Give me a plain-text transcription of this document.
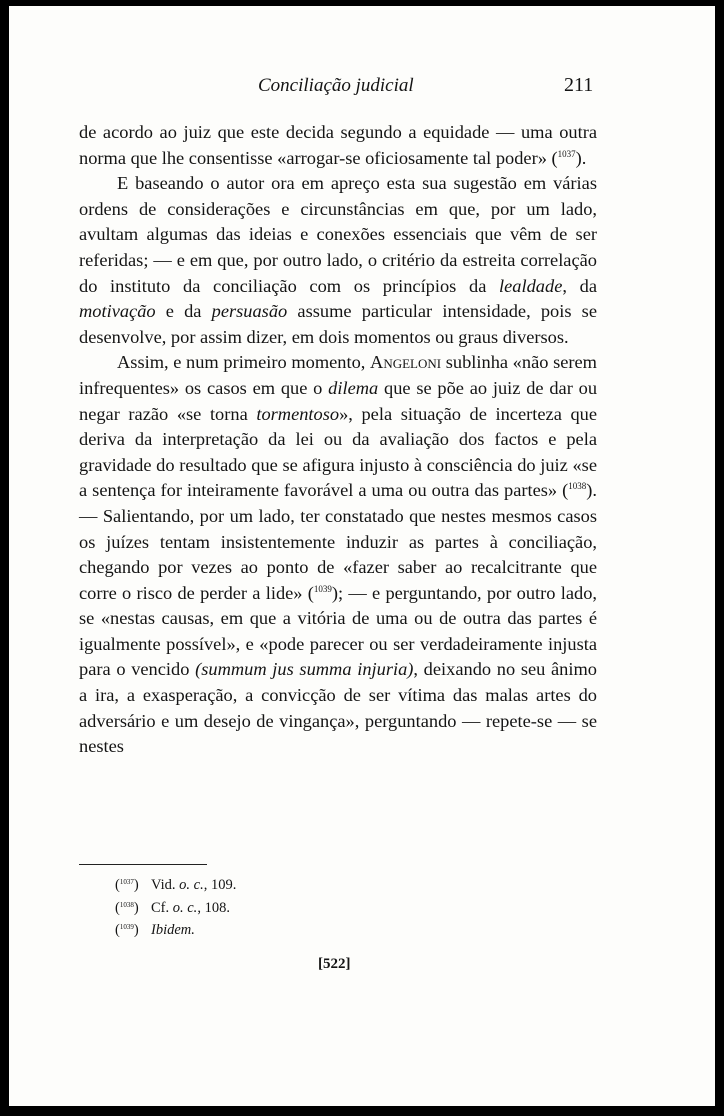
Conciliação judicial	211

de acordo ao juiz que este decida segundo a equidade — uma outra norma que lhe consentisse «arrogar-se oficiosamente tal poder» ($^{1037}$).

E baseando o autor ora em apreço esta sua sugestão em várias ordens de considerações e circunstâncias em que, por um lado, avultam algumas das ideias e conexões essenciais que vêm de ser referidas; — e em que, por outro lado, o critério da estreita correlação do instituto da conciliação com os princípios da lealdade, da motivação e da persuasão assume particular intensidade, pois se desenvolve, por assim dizer, em dois momentos ou graus diversos.

Assim, e num primeiro momento, Angeloni sublinha «não serem infrequentes» os casos em que o dilema que se põe ao juiz de dar ou negar razão «se torna tormentoso», pela situação de incerteza que deriva da interpretação da lei ou da avaliação dos factos e pela gravidade do resultado que se afigura injusto à consciência do juiz «se a sentença for inteiramente favorável a uma ou outra das partes» ($^{1038}$). — Salientando, por um lado, ter constatado que nestes mesmos casos os juízes tentam insistentemente induzir as partes à conciliação, chegando por vezes ao ponto de «fazer saber ao recalcitrante que corre o risco de perder a lide» ($^{1039}$); — e perguntando, por outro lado, se «nestas causas, em que a vitória de uma ou de outra das partes é igualmente possível», e «pode parecer ou ser verdadeiramente injusta para o vencido (summum jus summa injuria), deixando no seu ânimo a ira, a exasperação, a convicção de ser vítima das malas artes do adversário e um desejo de vingança», perguntando — repete-se — se nestes

($^{1037}$) Vid. o. c., 109.
($^{1038}$) Cf. o. c., 108.
($^{1039}$) Ibidem.
[522]
